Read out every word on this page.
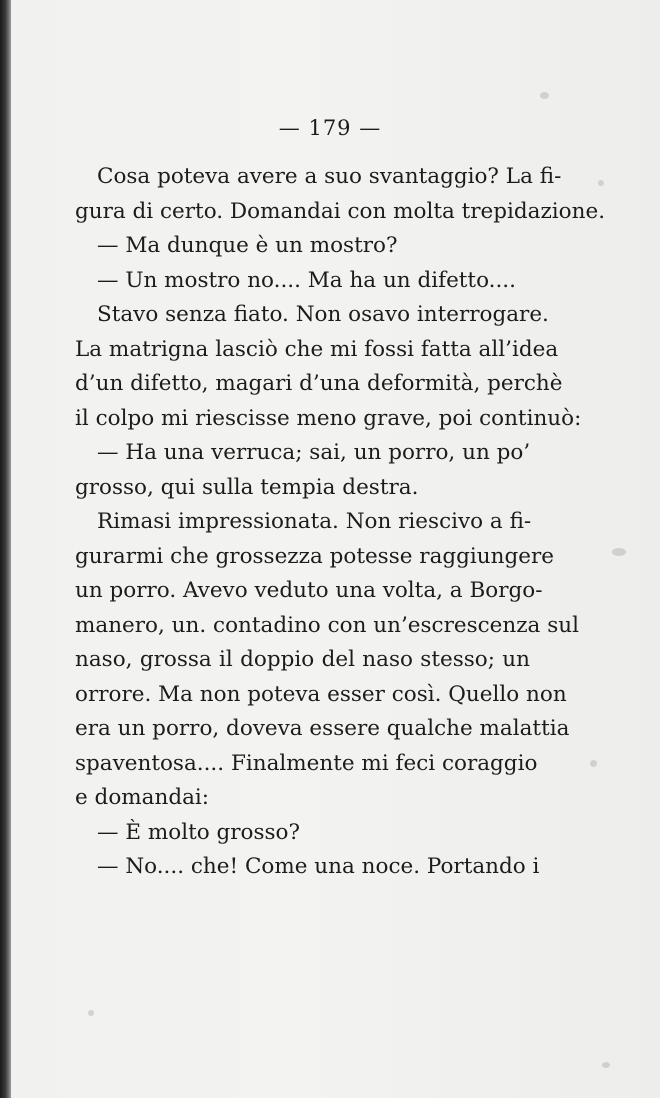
— 179 —
Cosa poteva avere a suo svantaggio? La fi-
gura di certo. Domandai con molta trepidazione.
— Ma dunque è un mostro?
— Un mostro no.... Ma ha un difetto....
Stavo senza fiato. Non osavo interrogare.
La matrigna lasciò che mi fossi fatta all’idea
d’un difetto, magari d’una deformità, perchè
il colpo mi riescisse meno grave, poi continuò:
— Ha una verruca; sai, un porro, un po’
grosso, qui sulla tempia destra.
Rimasi impressionata. Non riescivo a fi-
gurarmi che grossezza potesse raggiungere
un porro. Avevo veduto una volta, a Borgo-
manero, un. contadino con un’escrescenza sul
naso, grossa il doppio del naso stesso; un
orrore. Ma non poteva esser così. Quello non
era un porro, doveva essere qualche malattia
spaventosa.... Finalmente mi feci coraggio
e domandai:
— È molto grosso?
— No.... che! Come una noce. Portando i
